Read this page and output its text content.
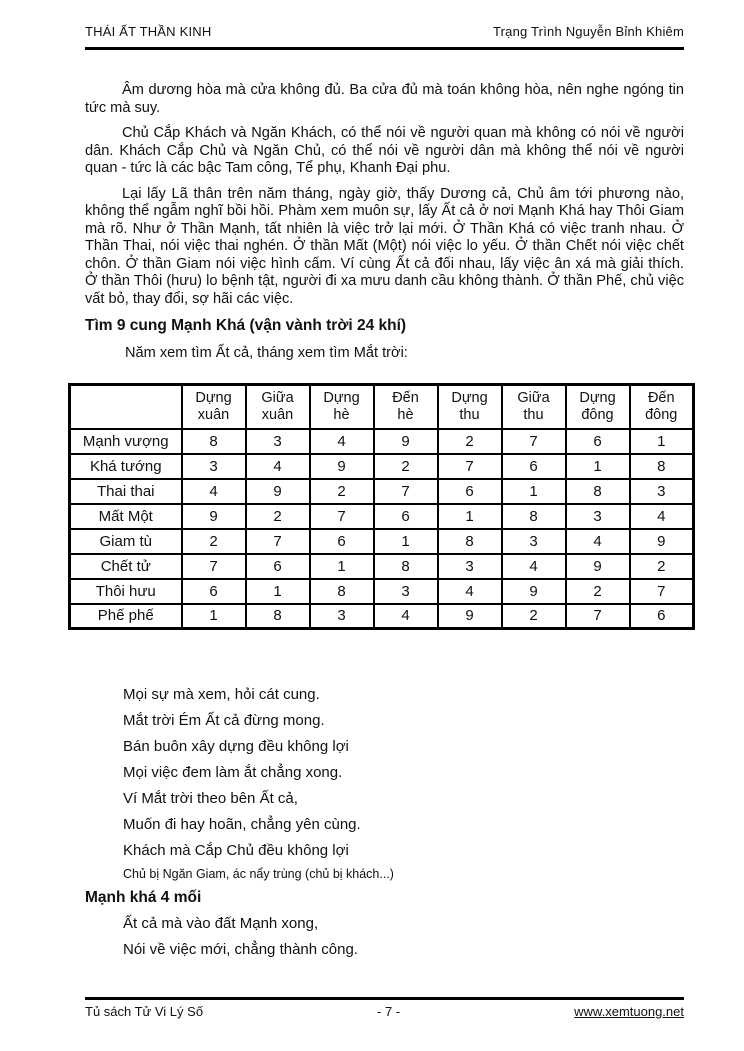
THÁI ẤT THẦN KINH	Trạng Trình Nguyễn Bỉnh Khiêm

Âm dương hòa mà cửa không đủ. Ba cửa đủ mà toán không hòa, nên nghe ngóng tin tức mà suy.

Chủ Cắp Khách và Ngăn Khách, có thể nói về người quan mà không có nói về người dân. Khách Cắp Chủ và Ngăn Chủ, có thể nói về người dân mà không thể nói về người quan - tức là các bậc Tam công, Tể phụ, Khanh Đại phu.

Lại lấy Lã thân trên năm tháng, ngày giờ, thấy Dương cả, Chủ âm tới phương nào, không thể ngẫm nghĩ bồi hồi. Phàm xem muôn sự, lấy Ất cả ở nơi Mạnh Khá hay Thôi Giam mà rõ. Như ở Thần Mạnh, tất nhiên là việc trở lại mới. Ở Thần Khá có việc tranh nhau. Ở Thần Thai, nói việc thai nghén. Ở thần Mất (Một) nói việc lo yếu. Ở thần Chết nói việc chết chôn. Ở thần Giam nói việc hình cấm. Ví cùng Ất cả đối nhau, lấy việc ân xá mà giải thích. Ở thần Thôi (hưu) lo bệnh tật, người đi xa mưu danh cầu không thành. Ở thần Phế, chủ việc vất bỏ, thay đổi, sợ hãi các việc.

Tìm 9 cung Mạnh Khá (vận vành trời 24 khí)

Năm xem tìm Ất cả, tháng xem tìm Mắt trời:

	Dựng xuân	Giữa xuân	Dựng hè	Đến hè	Dựng thu	Giữa thu	Dựng đông	Đến đông
Mạnh vượng	8	3	4	9	2	7	6	1
Khá tướng	3	4	9	2	7	6	1	8
Thai thai	4	9	2	7	6	1	8	3
Mất Một	9	2	7	6	1	8	3	4
Giam tù	2	7	6	1	8	3	4	9
Chết tử	7	6	1	8	3	4	9	2
Thôi hưu	6	1	8	3	4	9	2	7
Phế phế	1	8	3	4	9	2	7	6
Mọi sự mà xem, hỏi cát cung.
Mắt trời Ém Ất cả đừng mong.
Bán buôn xây dựng đều không lợi
Mọi việc đem làm ắt chẳng xong.
Ví Mắt trời theo bên Ất cả,
Muốn đi hay hoãn, chẳng yên cùng.
Khách mà Cắp Chủ đều không lợi

Chủ bị Ngăn Giam, ác nẩy trùng (chủ bị khách...)

Mạnh khá 4 mối
Ất cả mà vào đất Mạnh xong,
Nói về việc mới, chẳng thành công.
Tủ sách Tử Vi Lý Số	- 7 -	www.xemtuong.net
